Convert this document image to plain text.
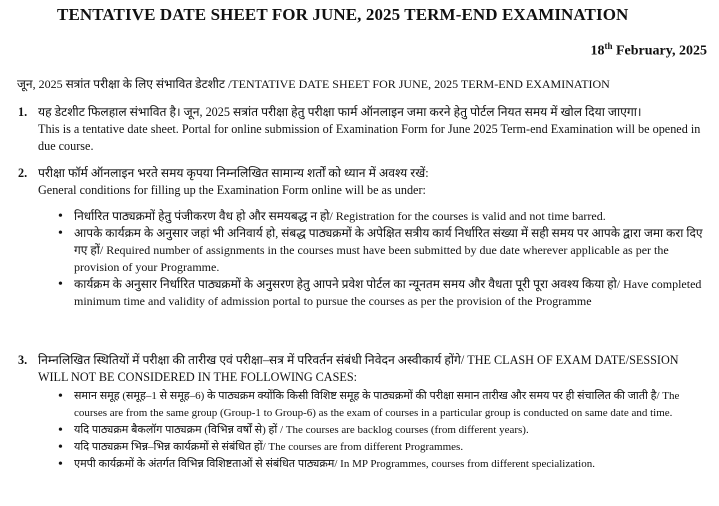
TENTATIVE DATE SHEET FOR JUNE, 2025 TERM-END EXAMINATION
18th February, 2025
जून, 2025 सत्रांत परीक्षा के लिए संभावित डेटशीट /TENTATIVE DATE SHEET FOR JUNE, 2025 TERM-END EXAMINATION
1. यह डेटशीट फिलहाल संभावित है। जून, 2025 सत्रांत परीक्षा हेतु परीक्षा फार्म ऑनलाइन जमा करने हेतु पोर्टल नियत समय में खोल दिया जाएगा।
This is a tentative date sheet. Portal for online submission of Examination Form for June 2025 Term-end Examination will be opened in due course.
2. परीक्षा फॉर्म ऑनलाइन भरते समय कृपया निम्नलिखित सामान्य शर्तों को ध्यान में अवश्य रखें:
General conditions for filling up the Examination Form online will be as under:

• निर्धारित पाठ्यक्रमों हेतु पंजीकरण वैध हो और समयबद्ध न हो/ Registration for the courses is valid and not time barred.

• आपके कार्यक्रम के अनुसार जहां भी अनिवार्य हो, संबद्ध पाठ्यक्रमों के अपेक्षित सत्रीय कार्य निर्धारित संख्या में सही समय पर आपके द्वारा जमा करा दिए गए हों/ Required number of assignments in the courses must have been submitted by due date wherever applicable as per the provision of your Programme.

• कार्यक्रम के अनुसार निर्धारित पाठ्यक्रमों के अनुसरण हेतु आपने प्रवेश पोर्टल का न्यूनतम समय और वैधता पूरी पूरा अवश्य किया हो/ Have completed minimum time and validity of admission portal to pursue the courses as per the provision of the Programme

3. निम्नलिखित स्थितियों में परीक्षा की तारीख एवं परीक्षा–सत्र में परिवर्तन संबंधी निवेदन अस्वीकार्य होंगे/ THE CLASH OF EXAM DATE/SESSION WILL NOT BE CONSIDERED IN THE FOLLOWING CASES:

• समान समूह (समूह–1 से समूह–6) के पाठ्यक्रम क्योंकि किसी विशिष्ट समूह के पाठ्यक्रमों की परीक्षा समान तारीख और समय पर ही संचालित की जाती है/ The courses are from the same group (Group-1 to Group-6) as the exam of courses in a particular group is conducted on same date and time.

• यदि पाठ्यक्रम बैकलॉग पाठ्यक्रम (विभिन्न वर्षों से) हों / The courses are backlog courses (from different years).

• यदि पाठ्यक्रम भिन्न–भिन्न कार्यक्रमों से संबंधित हों/ The courses are from different Programmes.

• एमपी कार्यक्रमों के अंतर्गत विभिन्न विशिष्टताओं से संबंधित पाठ्यक्रम/ In MP Programmes, courses from different specialization.
